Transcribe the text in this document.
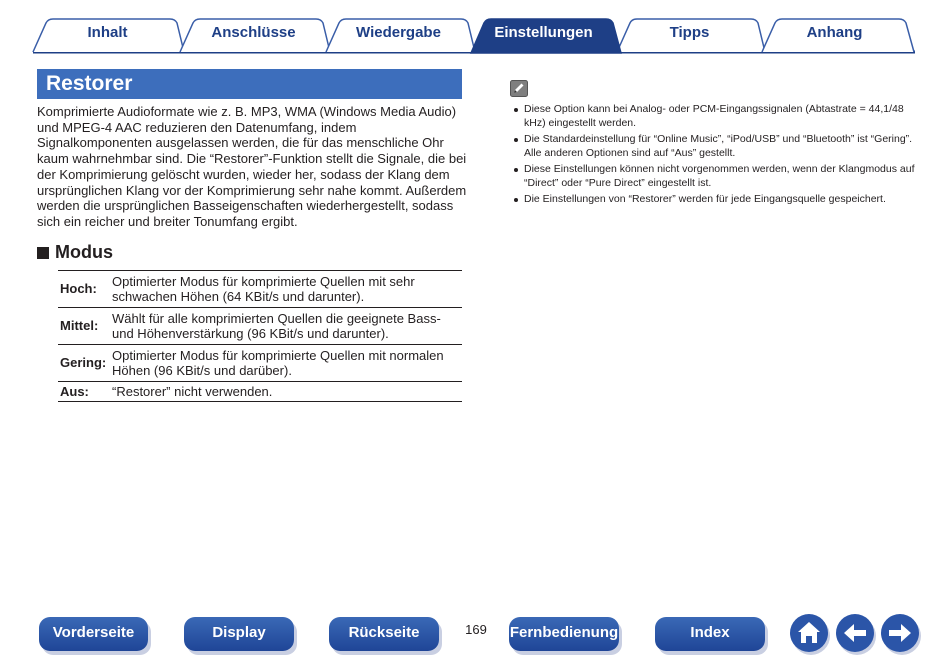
Inhalt	Anschlüsse	Wiedergabe	Einstellungen	Tipps	Anhang
Restorer

Komprimierte Audioformate wie z. B. MP3, WMA (Windows Media Audio) und MPEG-4 AAC reduzieren den Datenumfang, indem Signalkomponenten ausgelassen werden, die für das menschliche Ohr kaum wahrnehmbar sind. Die “Restorer”-Funktion stellt die Signale, die bei der Komprimierung gelöscht wurden, wieder her, sodass der Klang dem ursprünglichen Klang vor der Komprimierung sehr nahe kommt. Außerdem werden die ursprünglichen Basseigenschaften wiederhergestellt, sodass sich ein reicher und breiter Tonumfang ergibt.

Modus
Hoch:
Optimierter Modus für komprimierte Quellen mit sehr schwachen Höhen (64 KBit/s und darunter).
Mittel:
Wählt für alle komprimierten Quellen die geeignete Bass- und Höhenverstärkung (96 KBit/s und darunter).
Gering:
Optimierter Modus für komprimierte Quellen mit normalen Höhen (96 KBit/s und darüber).
Aus:	“Restorer” nicht verwenden.
Diese Option kann bei Analog- oder PCM-Eingangssignalen (Abtastrate = 44,1/48 kHz) eingestellt werden.
Die Standardeinstellung für “Online Music”, “iPod/USB” und “Bluetooth” ist “Gering”. Alle anderen Optionen sind auf “Aus” gestellt.
Diese Einstellungen können nicht vorgenommen werden, wenn der Klangmodus auf “Direct” oder “Pure Direct” eingestellt ist.
Die Einstellungen von “Restorer” werden für jede Eingangsquelle gespeichert.
Vorderseite	Display	Rückseite	169	Fernbedienung	Index
